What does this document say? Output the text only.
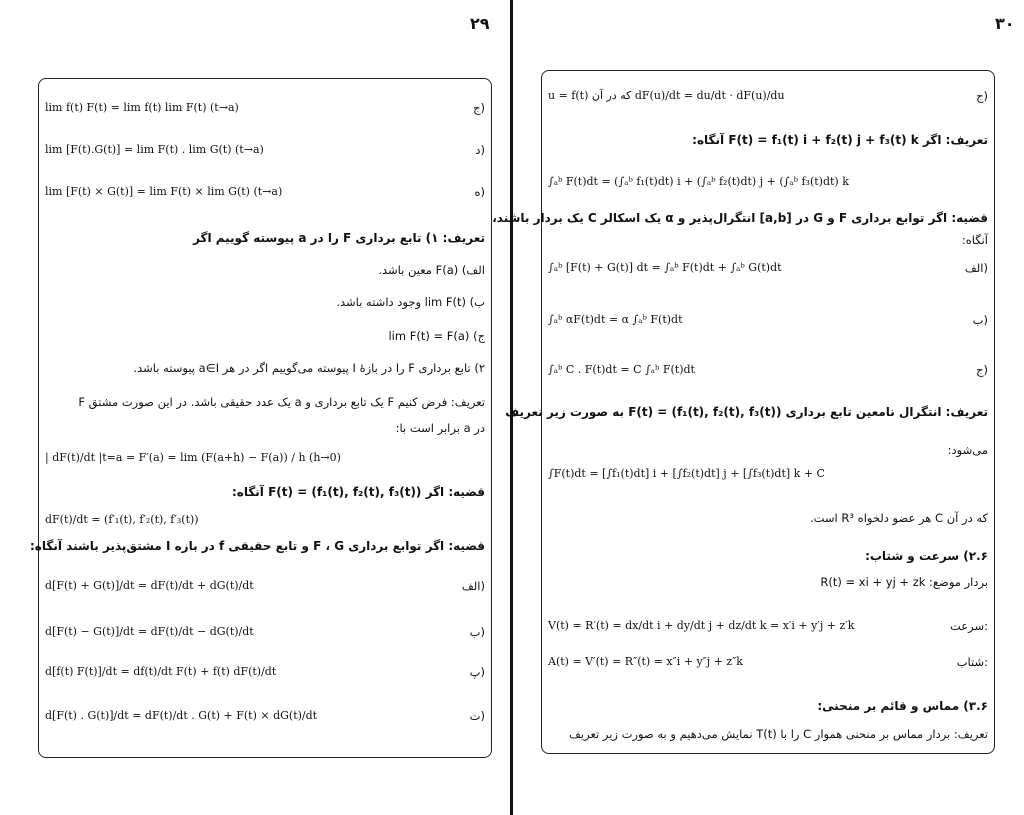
۲۹
lim f(t) F(t) = lim f(t) lim F(t) (t→a)	ج)
lim [F(t).G(t)] = lim F(t) . lim G(t) (t→a)	د)
lim [F(t) × G(t)] = lim F(t) × lim G(t) (t→a)	ه)
تعریف: ۱) تابع برداری F را در a پیوسته گوییم اگر
الف) F(a) معین باشد.
ب) lim F(t) وجود داشته باشد.
ج) lim F(t) = F(a)
۲) تابع برداری F را در بازهٔ I پیوسته می‌گوییم اگر در هر a∈I پیوسته باشد.
تعریف: فرض کنیم F یک تابع برداری و a یک عدد حقیقی باشد. در این صورت مشتق F
در a برابر است با:
| dF(t)/dt |t=a = F′(a) = lim (F(a+h) − F(a)) / h (h→0)
قضیه: اگر F(t) = (f₁(t), f₂(t), f₃(t)) آنگاه:
dF(t)/dt = (f′₁(t), f′₂(t), f′₃(t))
قضیه: اگر توابع برداری F ، G و تابع حقیقی f در بازه I مشتق‌پذیر باشند آنگاه:
d[F(t) + G(t)]/dt = dF(t)/dt + dG(t)/dt	الف)
d[F(t) − G(t)]/dt = dF(t)/dt − dG(t)/dt	ب)
d[f(t) F(t)]/dt = df(t)/dt F(t) + f(t) dF(t)/dt	پ)
d[F(t) . G(t)]/dt = dF(t)/dt . G(t) + F(t) × dG(t)/dt	ت)
۳۰
u = f(t) که در آن dF(u)/dt = du/dt · dF(u)/du	ج)
تعریف: اگر F(t) = f₁(t) i + f₂(t) j + f₃(t) k آنگاه:
∫ₐᵇ F(t)dt = (∫ₐᵇ f₁(t)dt) i + (∫ₐᵇ f₂(t)dt) j + (∫ₐᵇ f₃(t)dt) k
قضیه: اگر توابع برداری F و G در [a,b] انتگرال‌پذیر و α یک اسکالر C یک بردار باشند،
آنگاه:
∫ₐᵇ [F(t) + G(t)] dt = ∫ₐᵇ F(t)dt + ∫ₐᵇ G(t)dt	الف)
∫ₐᵇ αF(t)dt = α ∫ₐᵇ F(t)dt	ب)
∫ₐᵇ C . F(t)dt = C ∫ₐᵇ F(t)dt	ج)
تعریف: انتگرال نامعین تابع برداری F(t) = (f₁(t), f₂(t), f₃(t)) به صورت زیر تعریف
می‌شود:
∫F(t)dt = [∫f₁(t)dt] i + [∫f₂(t)dt] j + [∫f₃(t)dt] k + C
که در آن C هر عضو دلخواه R³ است.
۲.۶) سرعت و شتاب:
بردار موضع: R(t) = xi + yj + zk
V(t) = R′(t) = dx/dt i + dy/dt j + dz/dt k = x′i + y′j + z′k	سرعت:
A(t) = V′(t) = R″(t) = x″i + y″j + z″k	شتاب:
۳.۶) مماس و قائم بر منحنی:
تعریف: بردار مماس بر منحنی هموار C را با T(t) نمایش می‌دهیم و به صورت زیر تعریف
